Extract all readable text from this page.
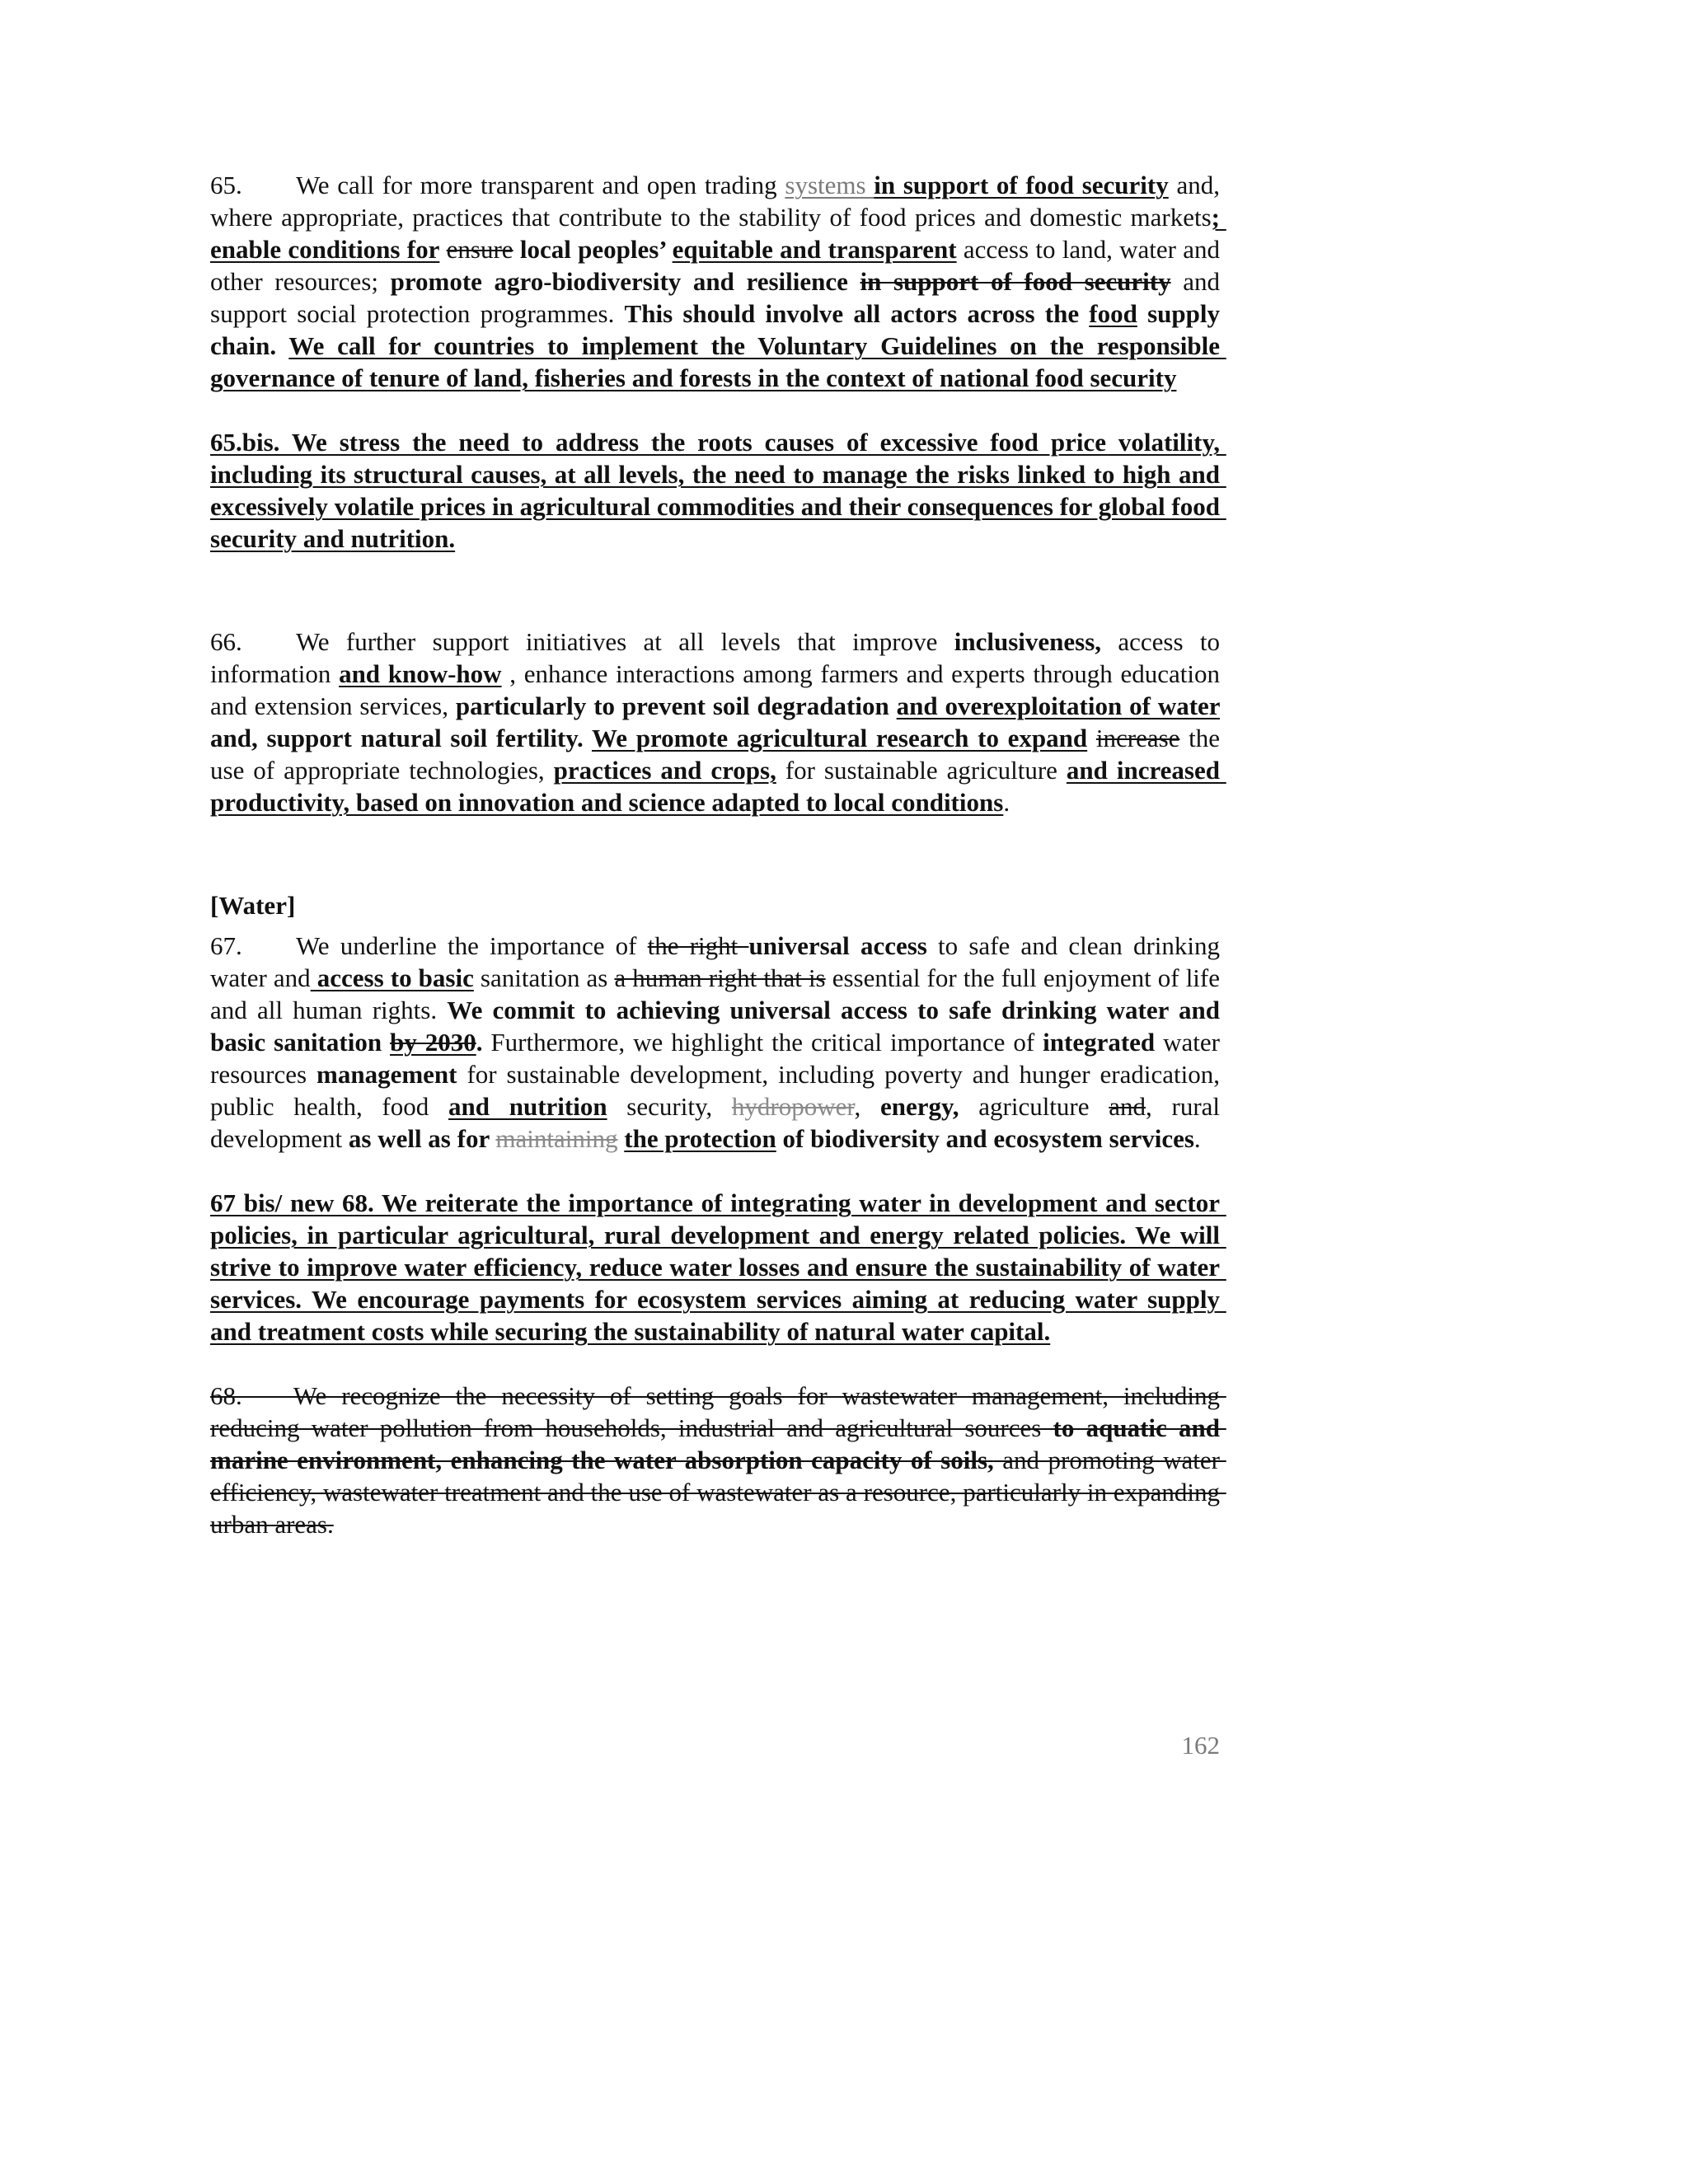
65. We call for more transparent and open trading systems in support of food security and, where appropriate, practices that contribute to the stability of food prices and domestic markets; enable conditions for ensure local peoples’ equitable and transparent access to land, water and other resources; promote agro-biodiversity and resilience in support of food security and support social protection programmes. This should involve all actors across the food supply chain. We call for countries to implement the Voluntary Guidelines on the responsible governance of tenure of land, fisheries and forests in the context of national food security

65.bis. We stress the need to address the roots causes of excessive food price volatility, including its structural causes, at all levels, the need to manage the risks linked to high and excessively volatile prices in agricultural commodities and their consequences for global food security and nutrition.

66. We further support initiatives at all levels that improve inclusiveness, access to information and know-how , enhance interactions among farmers and experts through education and extension services, particularly to prevent soil degradation and overexploitation of water and, support natural soil fertility. We promote agricultural research to expand increase the use of appropriate technologies, practices and crops, for sustainable agriculture and increased productivity, based on innovation and science adapted to local conditions.

[Water]

67. We underline the importance of the right universal access to safe and clean drinking water and access to basic sanitation as a human right that is essential for the full enjoyment of life and all human rights. We commit to achieving universal access to safe drinking water and basic sanitation by 2030. Furthermore, we highlight the critical importance of integrated water resources management for sustainable development, including poverty and hunger eradication, public health, food and nutrition security, hydropower, energy, agriculture and, rural development as well as for maintaining the protection of biodiversity and ecosystem services.

67 bis/ new 68. We reiterate the importance of integrating water in development and sector policies, in particular agricultural, rural development and energy related policies. We will strive to improve water efficiency, reduce water losses and ensure the sustainability of water services. We encourage payments for ecosystem services aiming at reducing water supply and treatment costs while securing the sustainability of natural water capital.

68.  We recognize the necessity of setting goals for wastewater management, including reducing water pollution from households, industrial and agricultural sources to aquatic and marine environment, enhancing the water absorption capacity of soils, and promoting water efficiency, wastewater treatment and the use of wastewater as a resource, particularly in expanding urban areas.

162
